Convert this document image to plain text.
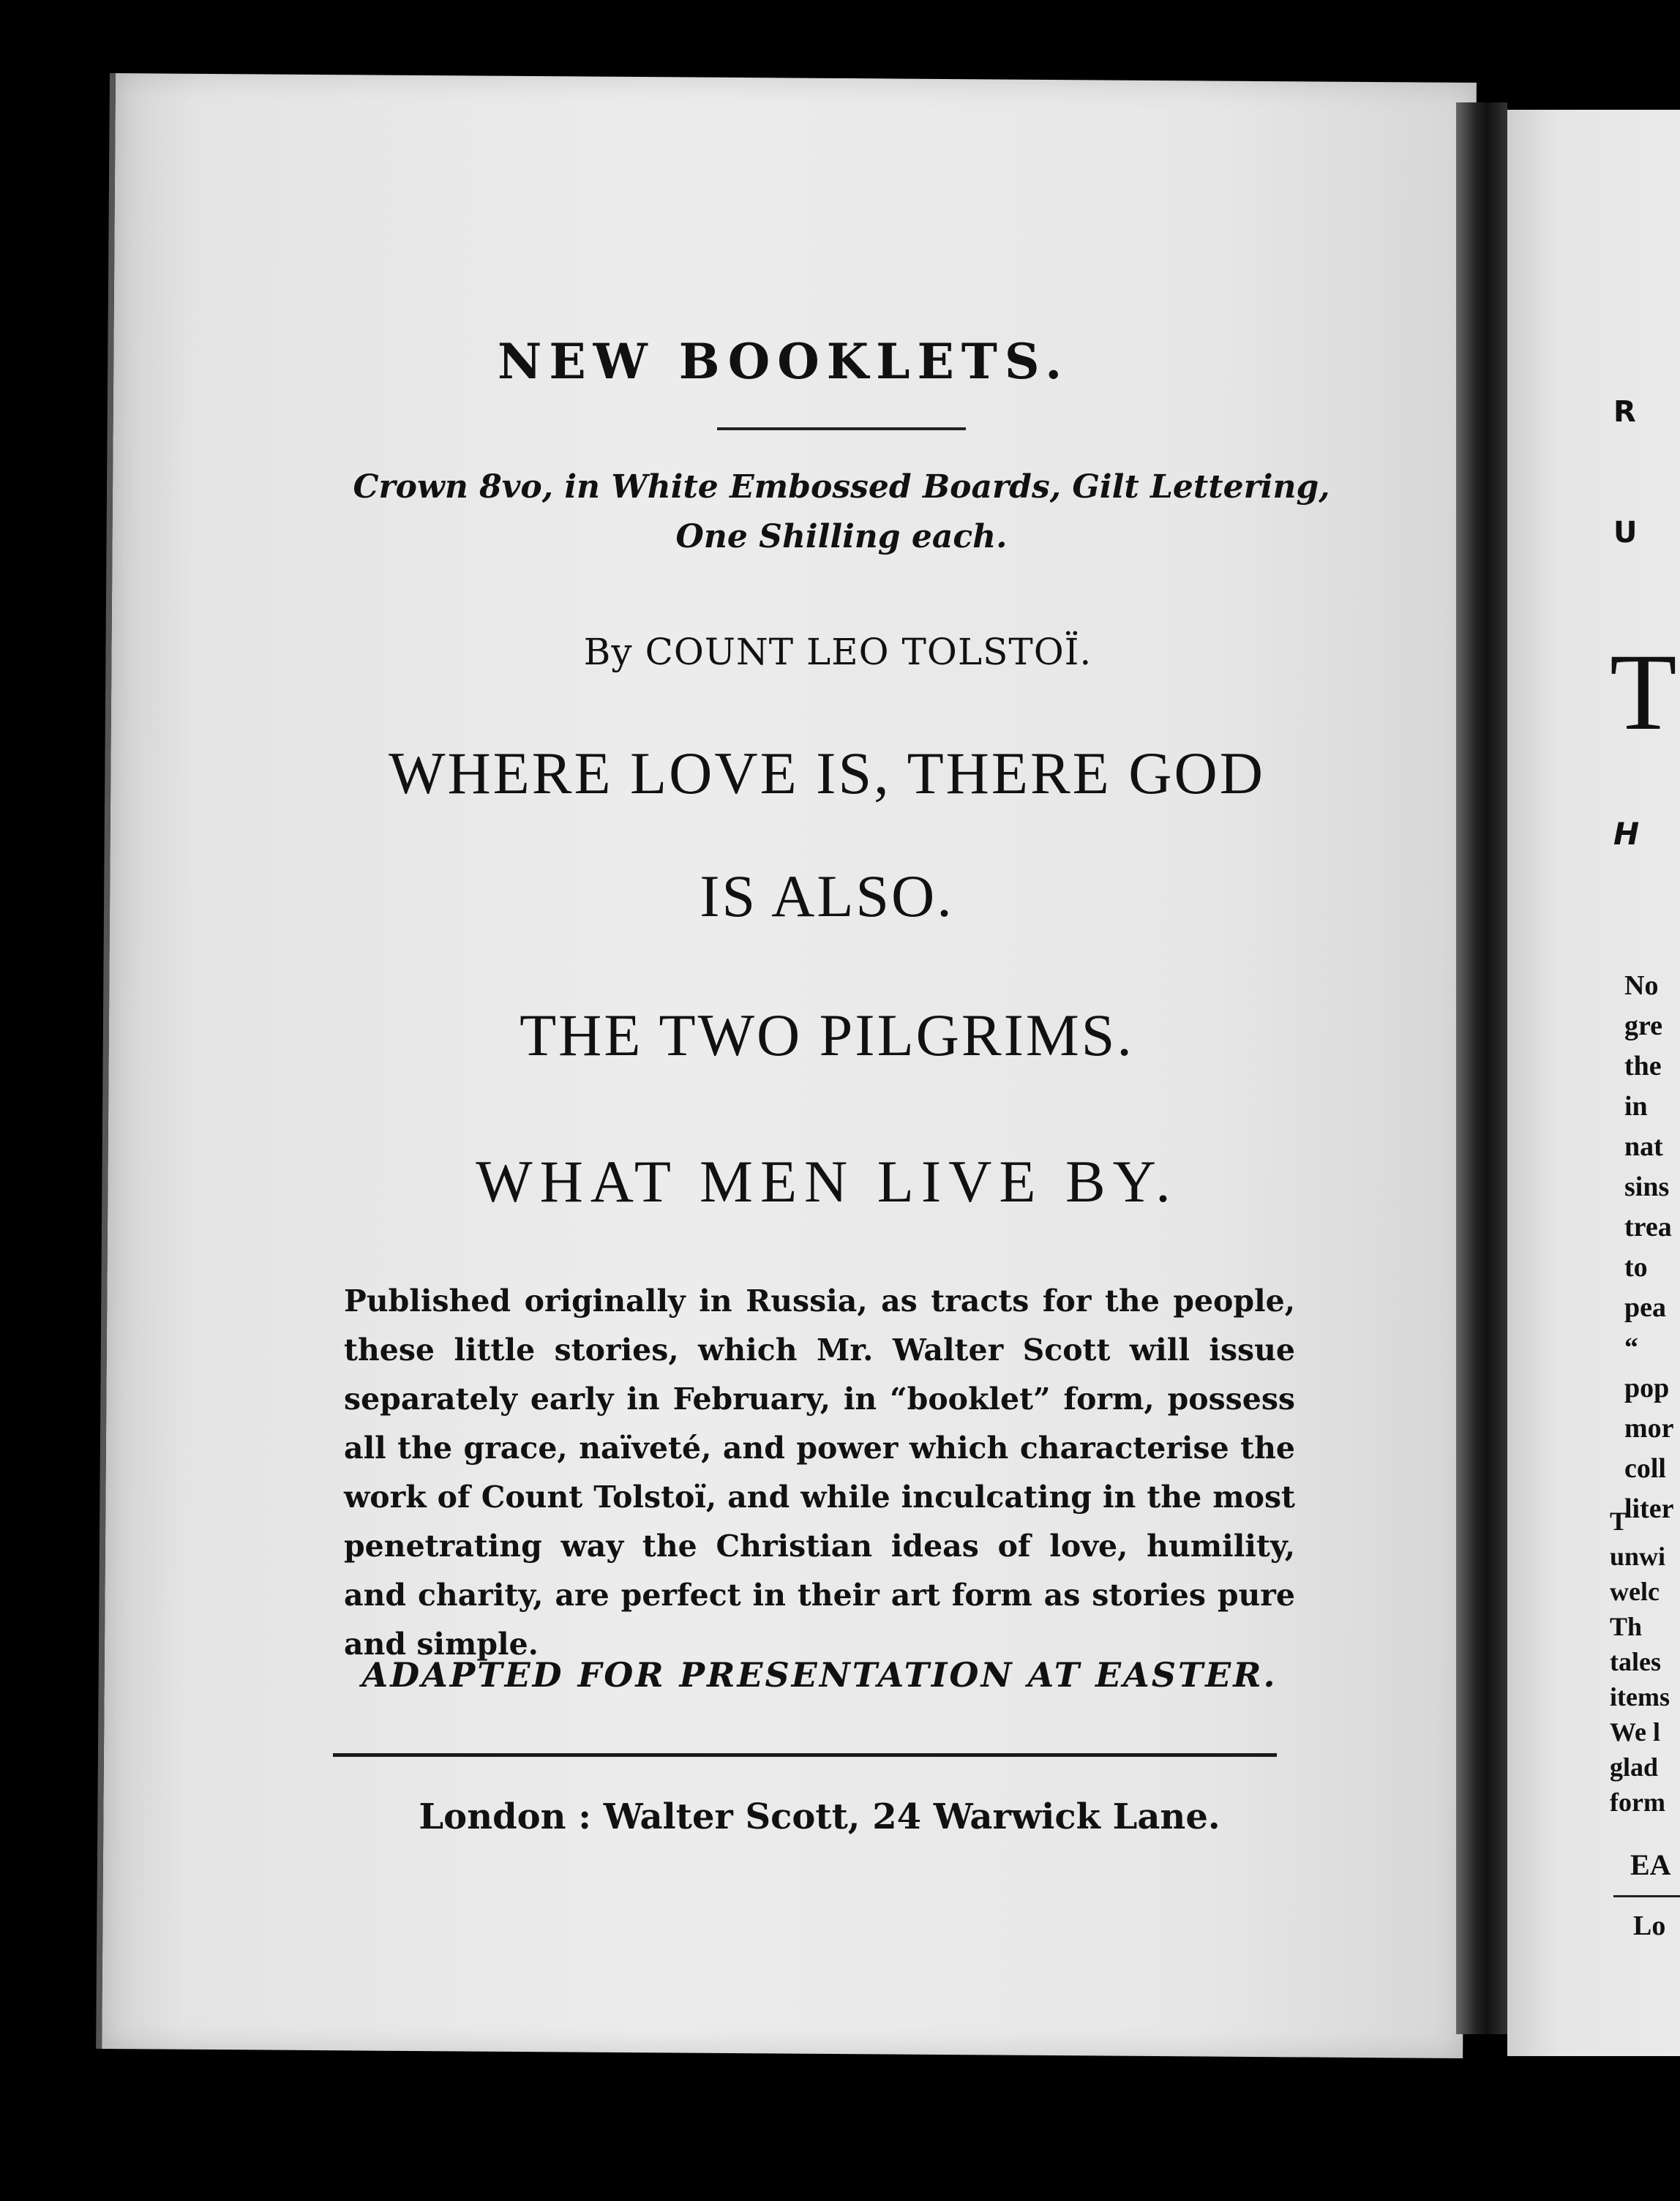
NEW BOOKLETS.
Crown 8vo, in White Embossed Boards, Gilt Lettering,
One Shilling each.
By COUNT LEO TOLSTOÏ.
WHERE LOVE IS, THERE GOD
IS ALSO.
THE TWO PILGRIMS.
WHAT MEN LIVE BY.
Published originally in Russia, as tracts for the people, these little stories, which Mr. Walter Scott will issue separately early in February, in “booklet” form, possess all the grace, naïveté, and power which characterise the work of Count Tolstoï, and while inculcating in the most penetrating way the Christian ideas of love, humility, and charity, are perfect in their art form as stories pure and simple.
ADAPTED FOR PRESENTATION AT EASTER.
London : Walter Scott, 24 Warwick Lane.
R
U
T
H
No
gre
the
in
nat
sins
trea
to
pea
“
pop
mor
coll
liter
T
unwi
welc
Th
tales
items
We l
glad
form
EA
Lo
